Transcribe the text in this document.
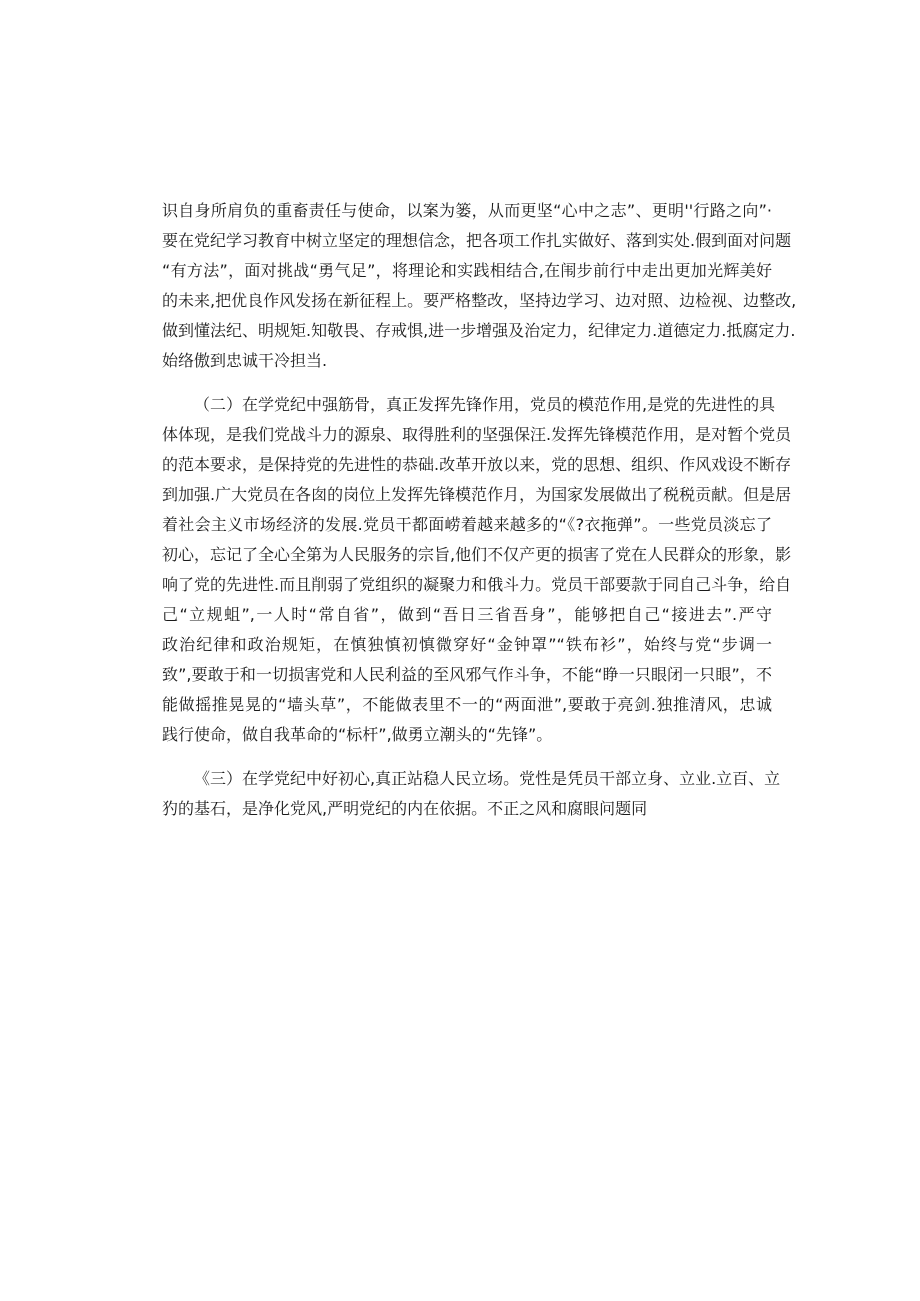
识自身所肩负的重畜责任与使命，以案为篓，从而更坚“心中之志”、更明''行路之向”·
要在党纪学习教育中树立坚定的理想信念，把各项工作扎实做好、落到实处.假到面对问题
“有方法”，面对挑战“勇气足”，将理论和实践相结合,在闱步前行中走出更加光辉美好
的未来,把优良作风发扬在新征程上。要严格整改，坚持边学习、边对照、边检视、边整改,
做到懂法纪、明规矩.知敬畏、存戒惧,进一步增强及治定力，纪律定力.道德定力.抵腐定力.
始络傲到忠诚干冷担当.
（二）在学党纪中强筋骨，真正发挥先锋作用，党员的模范作用,是党的先进性的具
体体现，是我们党战斗力的源泉、取得胜利的坚强保汪.发挥先锋模范作用，是对暂个党员
的范本要求，是保持党的先进性的恭础.改革开放以来，党的思想、组织、作风戏设不断存
到加强.广大党员在各囱的岗位上发挥先锋模范作月，为国家发展做出了税税贡献。但是居
着社会主义市场经济的发展.党员干都面崂着越来越多的“《?衣拖弹”。一些党员淡忘了
初心，忘记了全心全第为人民服务的宗旨,他们不仅产更的损害了党在人民群众的形象，影
响了党的先进性.而且削弱了党组织的凝聚力和俄斗力。党员干部要款于同自己斗争，给自
己“立规蛆”,一人时“常自省”，做到“吾日三省吾身”，能够把自己“接进去”.严守
政治纪律和政治规矩，在慎独慎初慎微穿好“金钟罩”“铁布衫”，始终与党“步调一
致”,要敢于和一切损害党和人民利益的至风邪气作斗争，不能“睁一只眼闭一只眼”，不
能做摇推晃晃的“墙头草”，不能做表里不一的“两面泄”,要敢于亮剑.独推清风，忠诚
践行使命，做自我革命的“标杆”,做勇立潮头的“先锋”。
《三）在学党纪中好初心,真正站稳人民立场。党性是凭员干部立身、立业.立百、立
犳的基石，是净化党风,严明党纪的内在依据。不正之风和腐眼问题同
